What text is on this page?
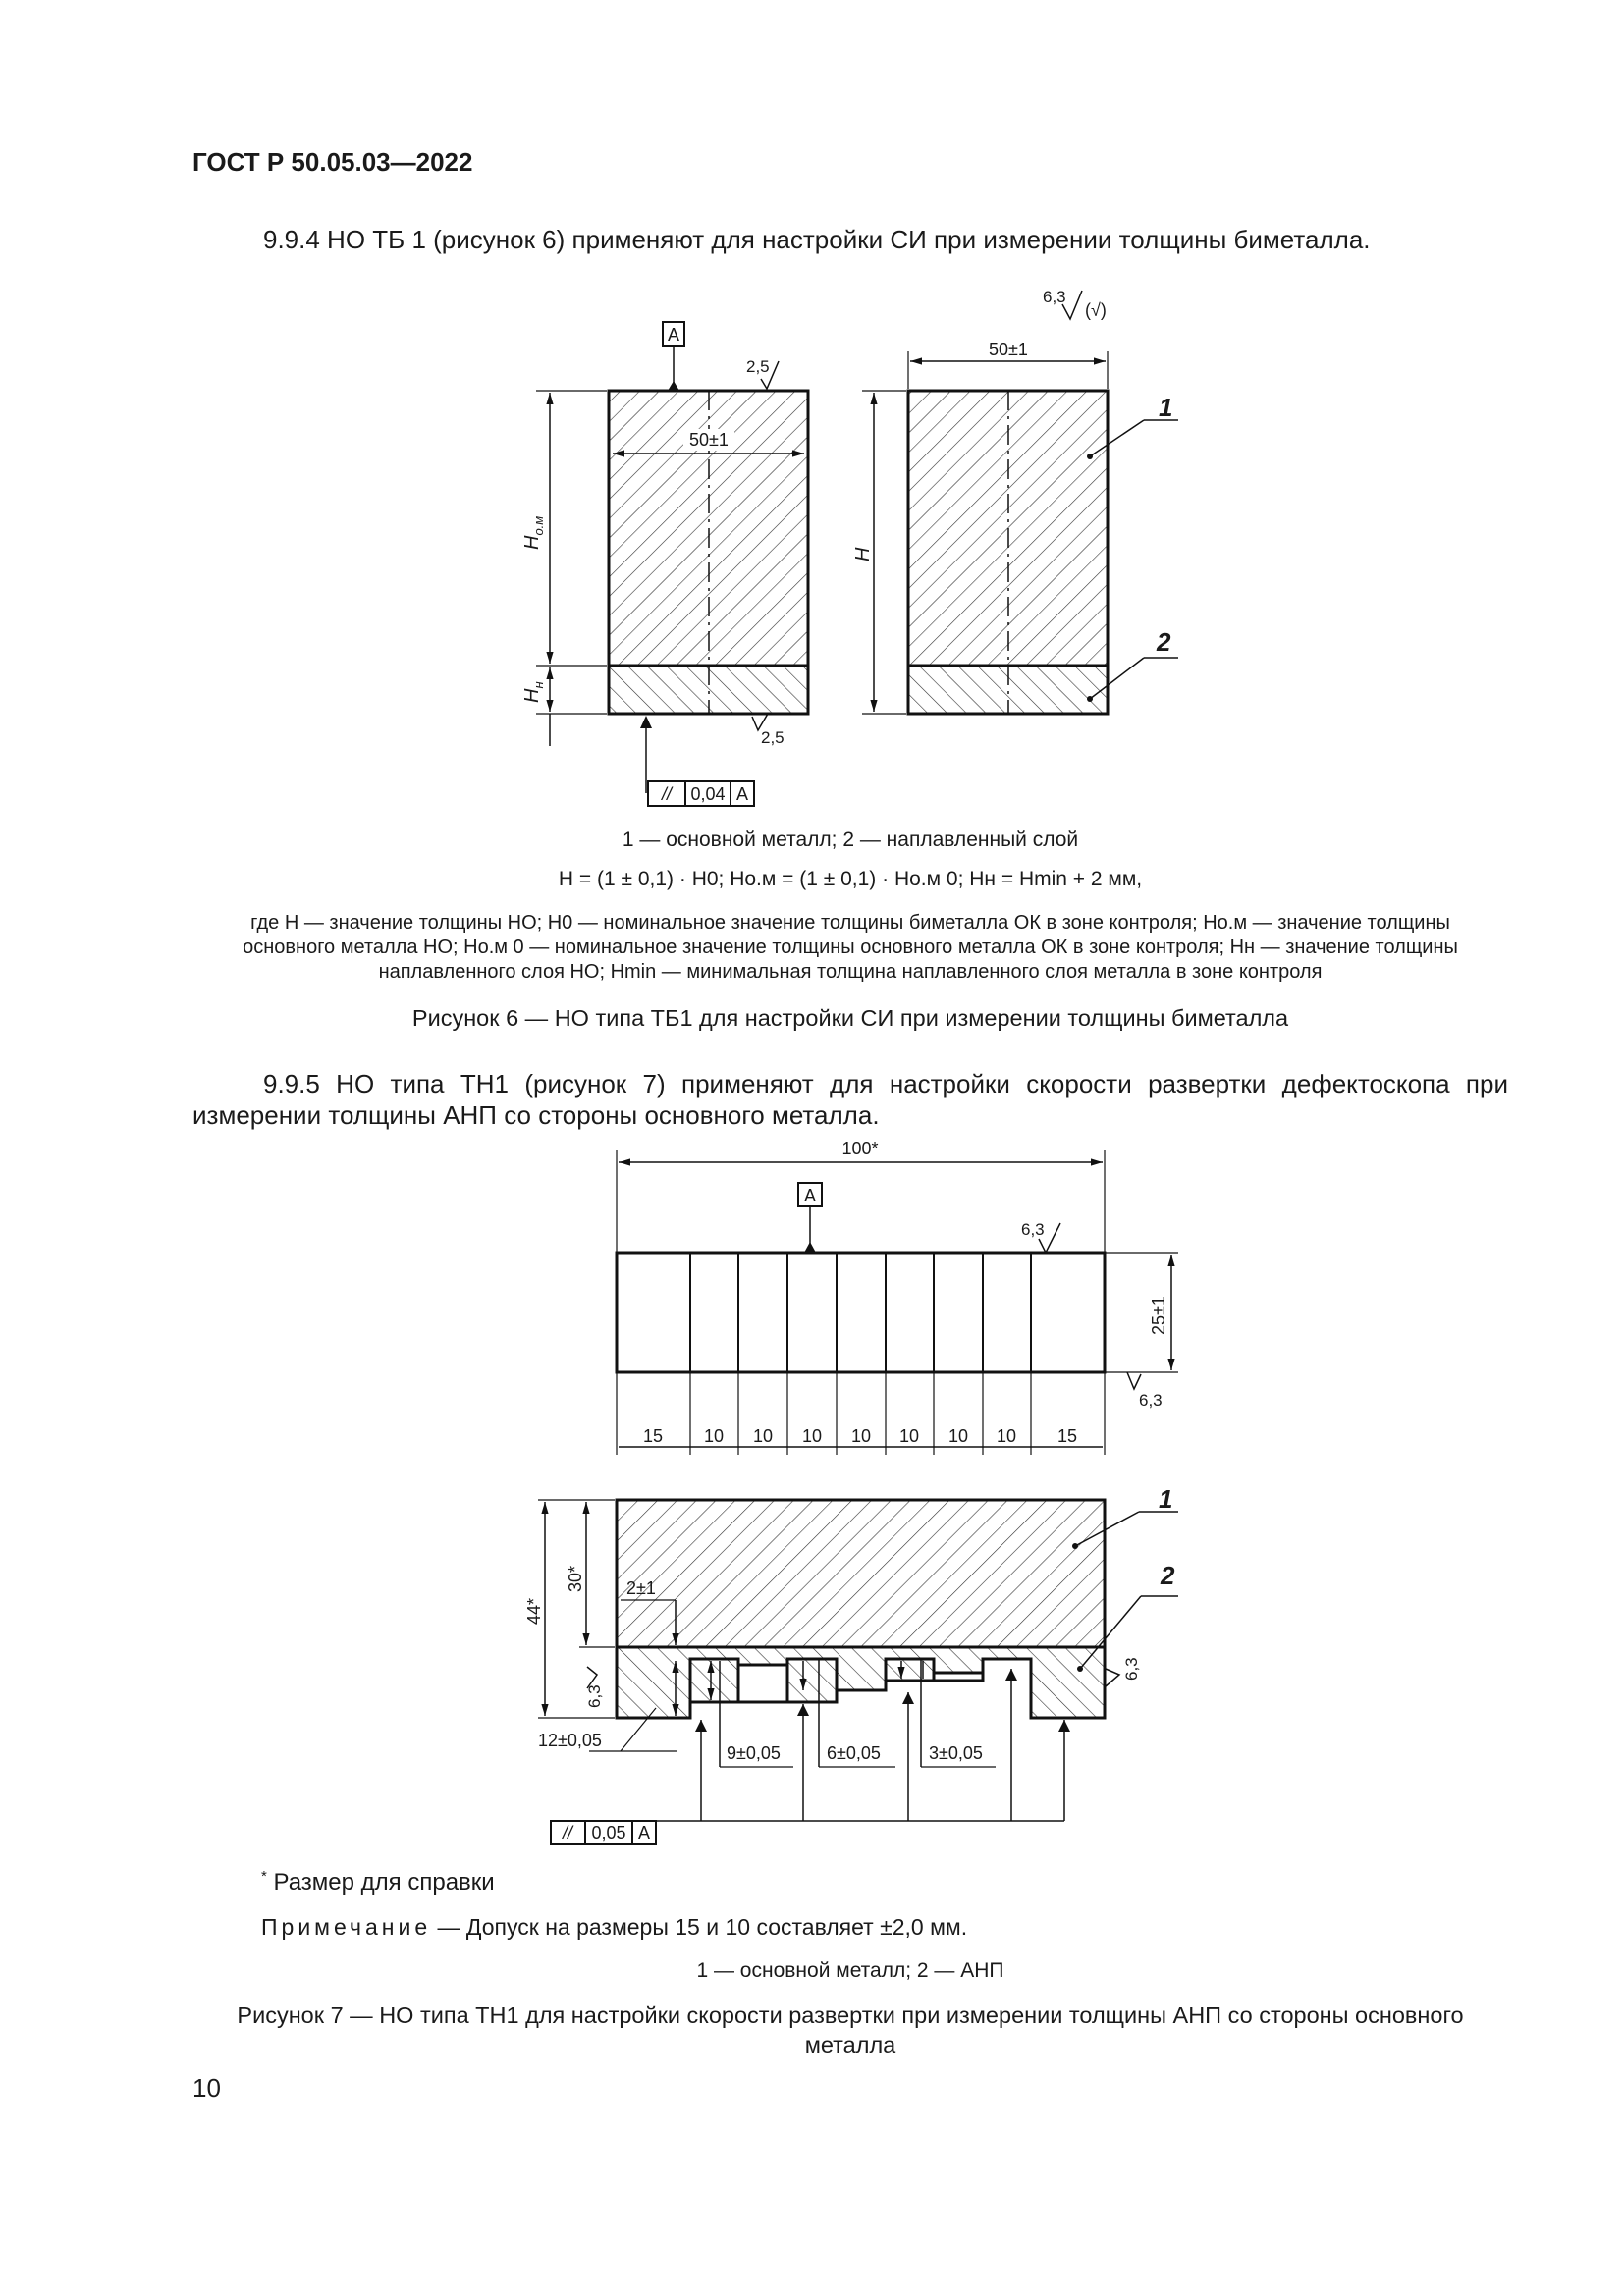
ГОСТ Р 50.05.03—2022
9.9.4 НО ТБ 1 (рисунок 6) применяют для настройки СИ при измерении толщины биметалла.
50±1
A
2,5
2,5
$H_{о.м}$
$H_н$
// 0,04 A
50±1
6,3
(√)
H
1
2
1 — основной металл; 2 — наплавленный слой
H = (1 ± 0,1) · H0; Hо.м = (1 ± 0,1) · Hо.м 0; Hн = Hmin + 2 мм,
где H — значение толщины НО; H0 — номинальное значение толщины биметалла ОК в зоне контроля; Hо.м — значение толщины
основного металла НО; Hо.м 0 — номинальное значение толщины основного металла ОК в зоне контроля; Hн — значение толщины
наплавленного слоя НО; Hmin — минимальная толщина наплавленного слоя металла в зоне контроля
Рисунок 6 — НО типа ТБ1 для настройки СИ при измерении толщины биметалла
9.9.5 НО типа ТН1 (рисунок 7) применяют для настройки скорости развертки дефектоскопа при измерении толщины АНП со стороны основного металла.
100*
A
6,3
15 10 10 10 10 10 10 10 15
25±1
6,3
44*
30*
6,3
2±1
12±0,05
9±0,05	6±0,05	3±0,05
// 0,05 A
1
2
6,3
* Размер для справки
Примечание — Допуск на размеры 15 и 10 составляет ±2,0 мм.
1 — основной металл; 2 — АНП
Рисунок 7 — НО типа ТН1 для настройки скорости развертки при измерении толщины АНП со стороны основного металла
10
